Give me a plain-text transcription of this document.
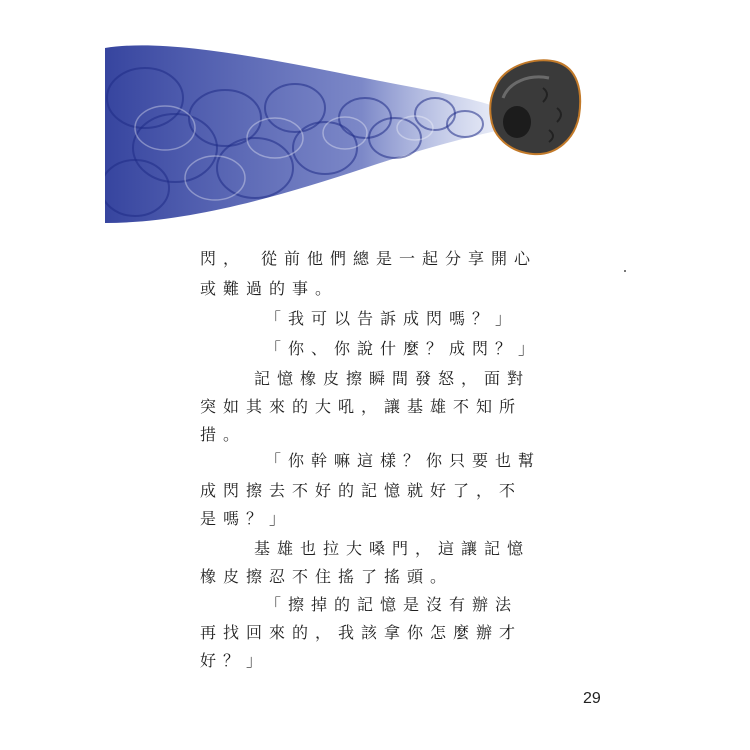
閃，　從前他們總是一起分享開心
或難過的事。
「我可以告訴成閃嗎？」
「你、你說什麼？成閃？」
記憶橡皮擦瞬間發怒，面對
突如其來的大吼，讓基雄不知所
措。
「你幹嘛這樣？你只要也幫
成閃擦去不好的記憶就好了，不
是嗎？」
基雄也拉大嗓門，這讓記憶
橡皮擦忍不住搖了搖頭。
「擦掉的記憶是沒有辦法
再找回來的，我該拿你怎麼辦才
好？」
29
